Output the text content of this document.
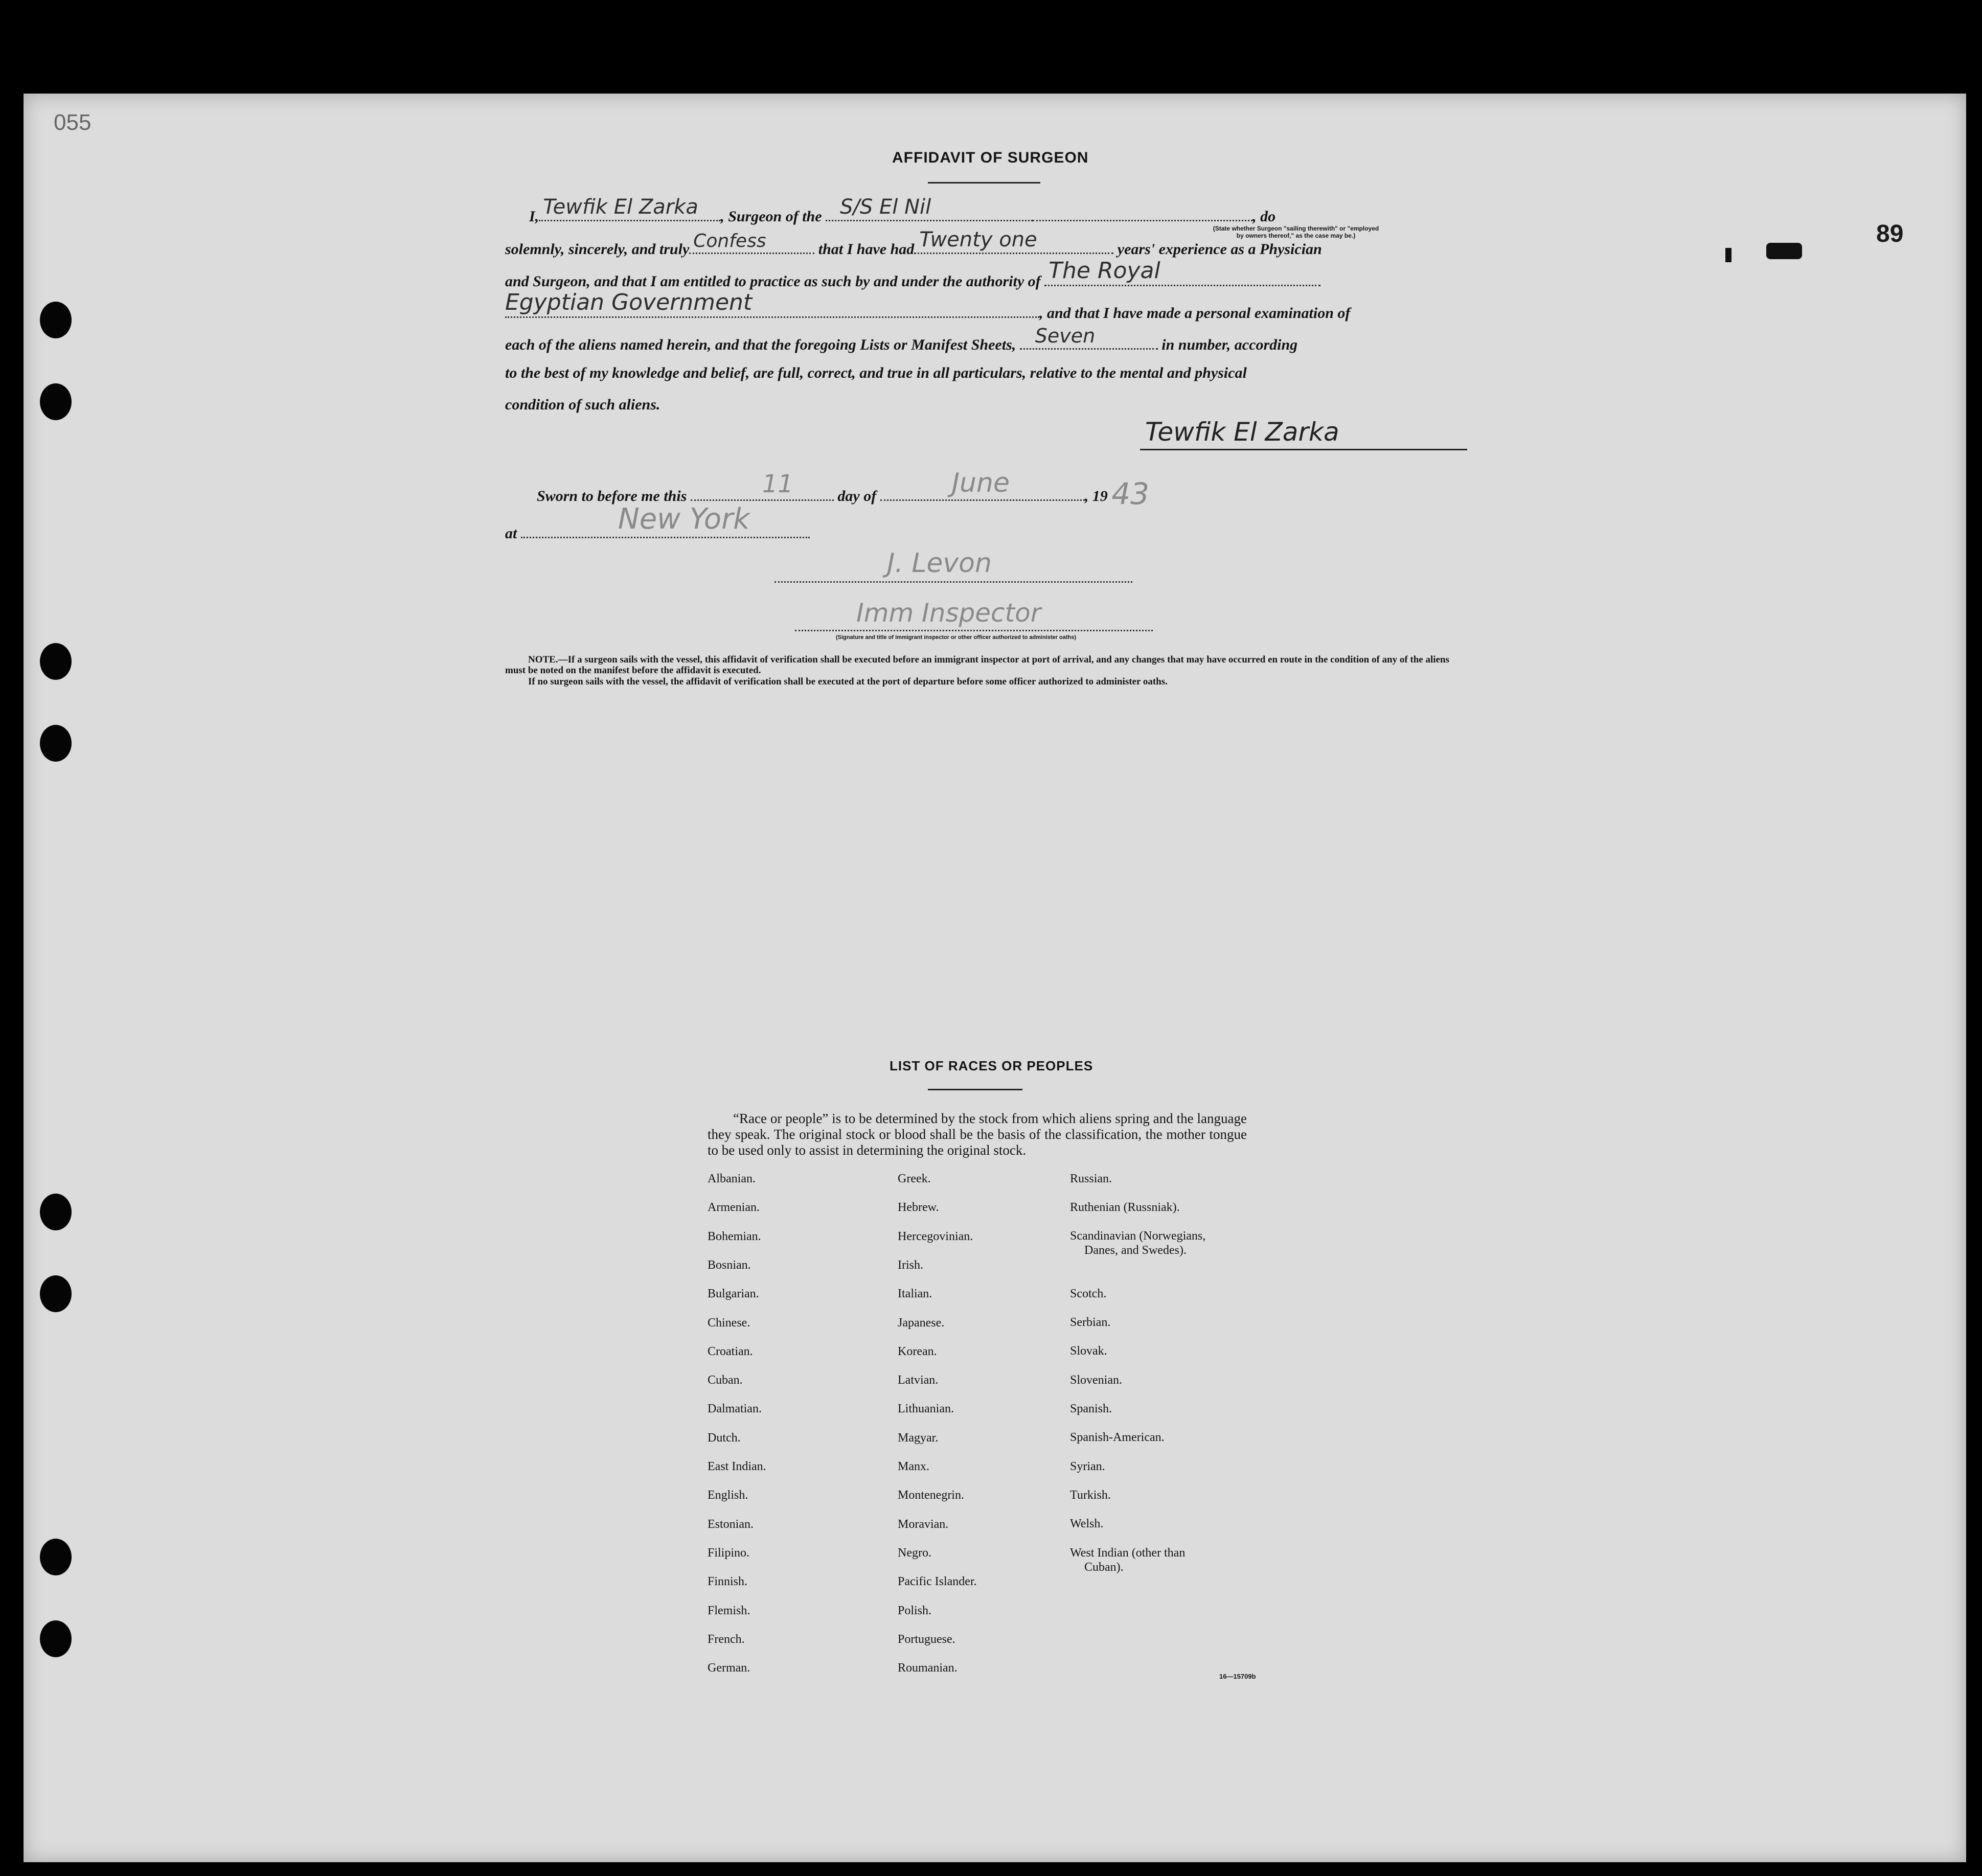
055
89
AFFIDAVIT OF SURGEON
I, Tewfik El Zarka , Surgeon of the S/S El Nil	, do
(State whether Surgeon "sailing therewith" or "employed by owners thereof," as the case may be.)
solemnly, sincerely, and truly Confess	that I have had Twenty one	years' experience as a Physician
and Surgeon, and that I am entitled to practice as such by and under the authority of The Royal
Egyptian Government	, and that I have made a personal examination of
each of the aliens named herein, and that the foregoing Lists or Manifest Sheets, Seven	in number, according
to the best of my knowledge and belief, are full, correct, and true in all particulars, relative to the mental and physical
condition of such aliens.
Tewfik El Zarka
Sworn to before me this	11	day of	June	, 19 43
at	New York
J. Levon
Imm Inspector
(Signature and title of immigrant inspector or other officer authorized to administer oaths)
NOTE.—If a surgeon sails with the vessel, this affidavit of verification shall be executed before an immigrant inspector at port of arrival, and any changes that may have occurred en route in the condition of any of the aliens must be noted on the manifest before the affidavit is executed.
If no surgeon sails with the vessel, the affidavit of verification shall be executed at the port of departure before some officer authorized to administer oaths.
LIST OF RACES OR PEOPLES
“Race or people” is to be determined by the stock from which aliens spring and the language they speak. The original stock or blood shall be the basis of the classification, the mother tongue to be used only to assist in determining the original stock.
Albanian.
Armenian.
Bohemian.
Bosnian.
Bulgarian.
Chinese.
Croatian.
Cuban.
Dalmatian.
Dutch.
East Indian.
English.
Estonian.
Filipino.
Finnish.
Flemish.
French.
German.
Greek.
Hebrew.
Hercegovinian.
Irish.
Italian.
Japanese.
Korean.
Latvian.
Lithuanian.
Magyar.
Manx.
Montenegrin.
Moravian.
Negro.
Pacific Islander.
Polish.
Portuguese.
Roumanian.
Russian.
Ruthenian (Russniak).
Scandinavian (Norwegians,
Danes, and Swedes).
Scotch.
Serbian.
Slovak.
Slovenian.
Spanish.
Spanish-American.
Syrian.
Turkish.
Welsh.
West Indian (other than
Cuban).
16—15709b
